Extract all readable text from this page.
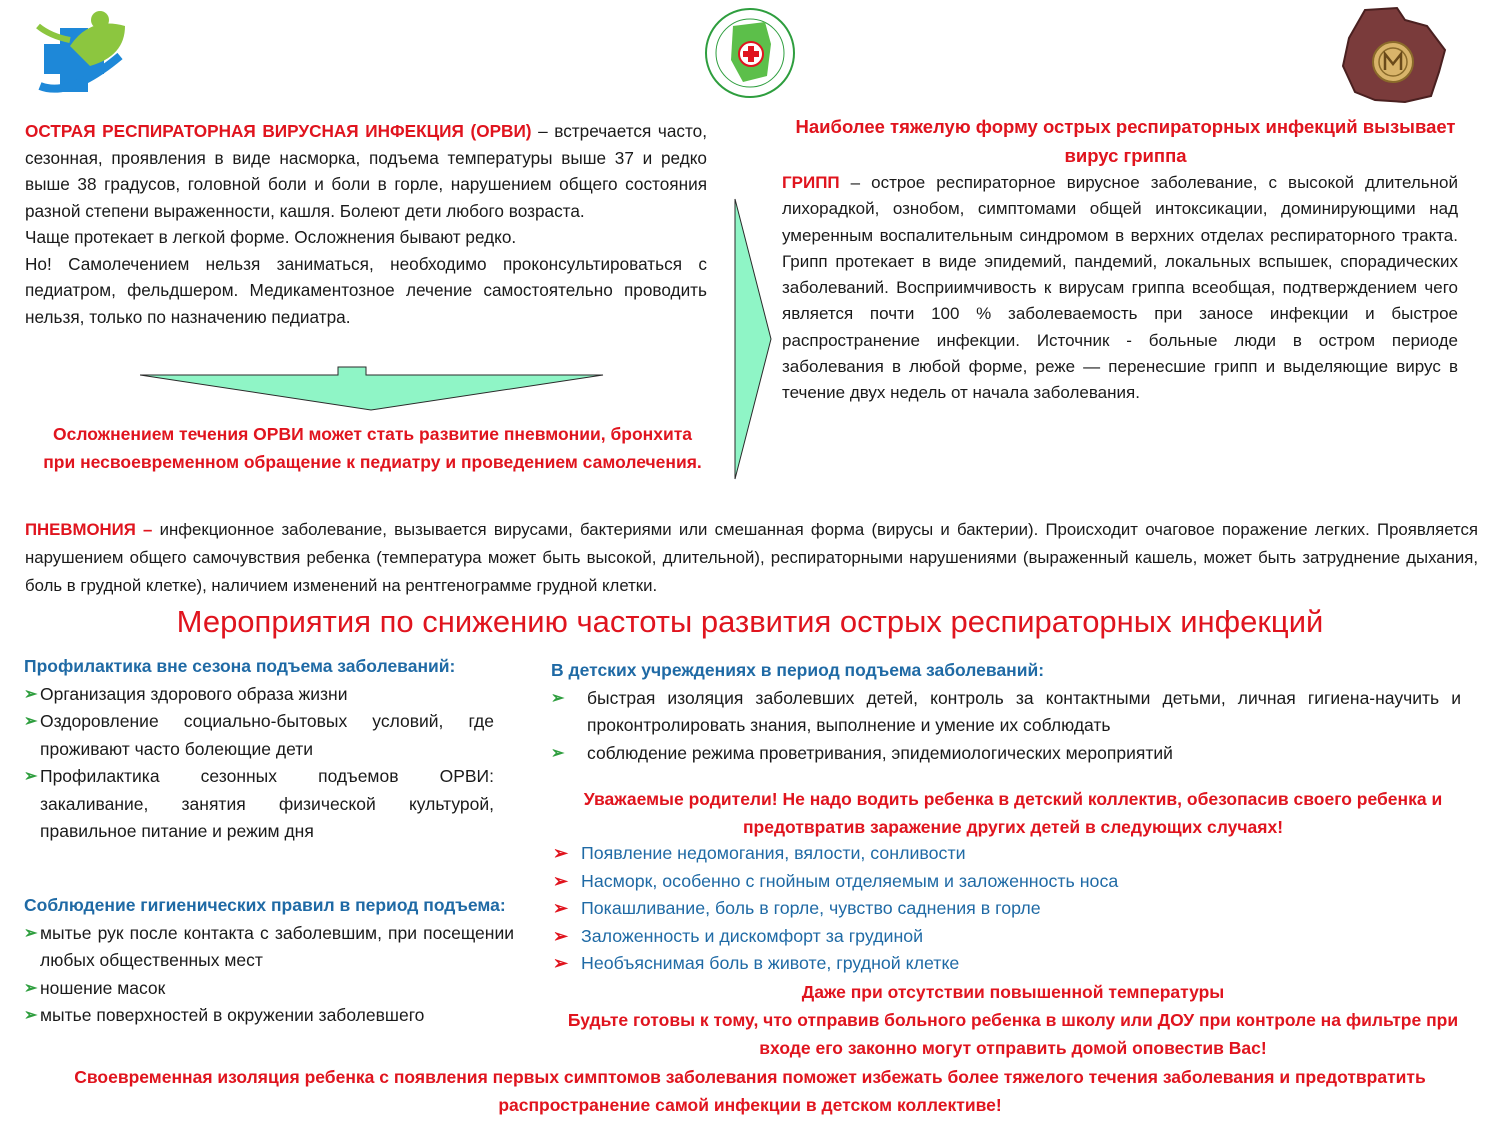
ОСТРАЯ РЕСПИРАТОРНАЯ ВИРУСНАЯ ИНФЕКЦИЯ (ОРВИ) – встречается часто, сезонная, проявления в виде насморка, подъема температуры выше 37 и редко выше 38 градусов, головной боли и боли в горле, нарушением общего состояния разной степени выраженности, кашля. Болеют дети любого возраста.

Чаще протекает в легкой форме. Осложнения бывают редко.

Но! Самолечением нельзя заниматься, необходимо проконсультироваться с педиатром, фельдшером. Медикаментозное лечение самостоятельно проводить нельзя, только по назначению педиатра.

Осложнением течения ОРВИ может стать развитие пневмонии, бронхита при несвоевременном обращение к педиатру и проведением самолечения.
Наиболее тяжелую форму острых респираторных инфекций вызывает вирус гриппа
ГРИПП – острое респираторное вирусное заболевание, с высокой длительной лихорадкой, ознобом, симптомами общей интоксикации, доминирующими над умеренным воспалительным синдромом в верхних отделах респираторного тракта. Грипп протекает в виде эпидемий, пандемий, локальных вспышек, спорадических заболеваний. Восприимчивость к вирусам гриппа всеобщая, подтверждением чего является почти 100 % заболеваемость при заносе инфекции и быстрое распространение инфекции. Источник - больные люди в остром периоде заболевания в любой форме, реже — перенесшие грипп и выделяющие вирус в течение двух недель от начала заболевания.
ПНЕВМОНИЯ – инфекционное заболевание, вызывается вирусами, бактериями или смешанная форма (вирусы и бактерии). Происходит очаговое поражение легких. Проявляется нарушением общего самочувствия ребенка (температура может быть высокой, длительной), респираторными нарушениями (выраженный кашель, может быть затруднение дыхания, боль в грудной клетке), наличием изменений на рентгенограмме грудной клетки.
Мероприятия по снижению частоты развития острых респираторных инфекций

Профилактика вне сезона подъема заболеваний:

➢ Организация здорового образа жизни
➢ Оздоровление социально-бытовых условий, где проживают часто болеющие дети
➢ Профилактика сезонных подъемов ОРВИ: закаливание, занятия физической культурой, правильное питание и режим дня

Соблюдение гигиенических правил в период подъема:

➢ мытье рук после контакта с заболевшим, при посещении любых общественных мест
➢ ношение масок
➢ мытье поверхностей в окружении заболевшего

В детских учреждениях в период подъема заболеваний:

➢ быстрая изоляция заболевших детей, контроль за контактными детьми, личная гигиена-научить и проконтролировать знания, выполнение и умение их соблюдать
➢ соблюдение режима проветривания, эпидемиологических мероприятий
Уважаемые родители! Не надо водить ребенка в детский коллектив, обезопасив своего ребенка и предотвратив заражение других детей в следующих случаях!
➢ Появление недомогания, вялости, сонливости
➢ Насморк, особенно с гнойным отделяемым и заложенность носа
➢ Покашливание, боль в горле, чувство саднения в горле
➢ Заложенность и дискомфорт за грудиной
➢ Необъяснимая боль в животе, грудной клетке

Даже при отсутствии повышенной температуры

Будьте готовы к тому, что отправив больного ребенка в школу или ДОУ при контроле на фильтре при входе его законно могут отправить домой оповестив Вас!

Своевременная изоляция ребенка с появления первых симптомов заболевания поможет избежать более тяжелого течения заболевания и предотвратить распространение самой инфекции в детском коллективе!
